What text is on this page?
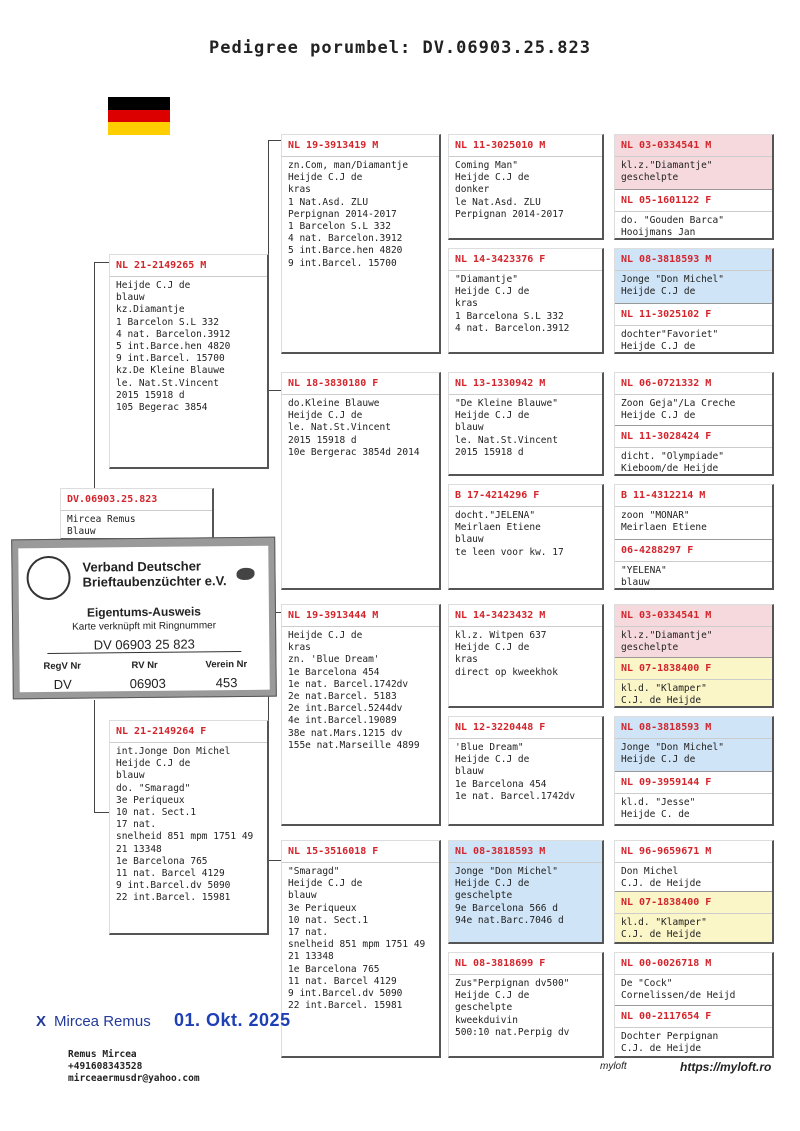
Pedigree porumbel: DV.06903.25.823
DV.06903.25.823
Mircea Remus
Blauw
NL 21-2149265 M
Heijde C.J de
blauw
kz.Diamantje
1 Barcelon S.L 332
4 nat. Barcelon.3912
5 int.Barce.hen 4820
9 int.Barcel. 15700
kz.De Kleine Blauwe
le. Nat.St.Vincent
2015 15918 d
105 Begerac 3854
NL 21-2149264 F
int.Jonge Don Michel
Heijde C.J de
blauw
do. "Smaragd"
3e Periqueux
10 nat. Sect.1
17 nat.
snelheid 851 mpm 1751 49
21 13348
1e Barcelona 765
11 nat. Barcel 4129
9 int.Barcel.dv 5090
22 int.Barcel. 15981
NL 19-3913419 M
zn.Com, man/Diamantje
Heijde C.J de
kras
1 Nat.Asd. ZLU
Perpignan 2014-2017
1 Barcelon S.L 332
4 nat. Barcelon.3912
5 int.Barce.hen 4820
9 int.Barcel. 15700
NL 18-3830180 F
do.Kleine Blauwe
Heijde C.J de
le. Nat.St.Vincent
2015 15918 d
10e Bergerac 3854d 2014
NL 19-3913444 M
Heijde C.J de
kras
zn. 'Blue Dream'
1e Barcelona 454
1e nat. Barcel.1742dv
2e nat.Barcel. 5183
2e int.Barcel.5244dv
4e int.Barcel.19089
38e nat.Mars.1215 dv
155e nat.Marseille 4899
NL 15-3516018 F
"Smaragd"
Heijde C.J de
blauw
3e Periqueux
10 nat. Sect.1
17 nat.
snelheid 851 mpm 1751 49
21 13348
1e Barcelona 765
11 nat. Barcel 4129
9 int.Barcel.dv 5090
22 int.Barcel. 15981
NL 11-3025010 M
Coming Man"
Heijde C.J de
donker
le Nat.Asd. ZLU
Perpignan 2014-2017
NL 14-3423376 F
"Diamantje"
Heijde C.J de
kras
1 Barcelona S.L 332
4 nat. Barcelon.3912
NL 13-1330942 M
"De Kleine Blauwe"
Heijde C.J de
blauw
le. Nat.St.Vincent
2015 15918 d
B 17-4214296 F
docht."JELENA"
Meirlaen Etiene
blauw
te leen voor kw. 17
NL 14-3423432 M
kl.z. Witpen 637
Heijde C.J de
kras
direct op kweekhok
NL 12-3220448 F
'Blue Dream"
Heijde C.J de
blauw
1e Barcelona 454
1e nat. Barcel.1742dv
NL 08-3818593 M
Jonge "Don Michel"
Heijde C.J de
geschelpte
9e Barcelona 566 d
94e nat.Barc.7046 d
NL 08-3818699 F
Zus"Perpignan dv500"
Heijde C.J de
geschelpte
kweekduivin
500:10 nat.Perpig dv
NL 03-0334541 M
kl.z."Diamantje"
geschelpte
NL 05-1601122 F
do. "Gouden Barca"
Hooijmans Jan
NL 08-3818593 M
Jonge "Don Michel"
Heijde C.J de
NL 11-3025102 F
dochter"Favoriet"
Heijde C.J de
NL 06-0721332 M
Zoon Geja"/La Creche
Heijde C.J de
NL 11-3028424 F
dicht. "Olympiade"
Kieboom/de Heijde
B 11-4312214 M
zoon "MONAR"
Meirlaen Etiene
06-4288297 F
"YELENA"
blauw
NL 03-0334541 M
kl.z."Diamantje"
geschelpte
NL 07-1838400 F
kl.d. "Klamper"
C.J. de Heijde
NL 08-3818593 M
Jonge "Don Michel"
Heijde C.J de
NL 09-3959144 F
kl.d. "Jesse"
Heijde C. de
NL 96-9659671 M
Don Michel
C.J. de Heijde
NL 07-1838400 F
kl.d. "Klamper"
C.J. de Heijde
NL 00-0026718 M
De "Cock"
Cornelissen/de Heijd
NL 00-2117654 F
Dochter Perpignan
C.J. de Heijde
Verband Deutscher
Brieftaubenzüchter e.V.
Eigentums-Ausweis
Karte verknüpft mit Ringnummer
DV 06903 25 823
RegV Nr	RV Nr	Verein Nr
DV	06903	453
X Mircea Remus 01. Okt. 2025
Remus Mircea
+491608343528
mirceaermusdr@yahoo.com
myloft	https://myloft.ro
